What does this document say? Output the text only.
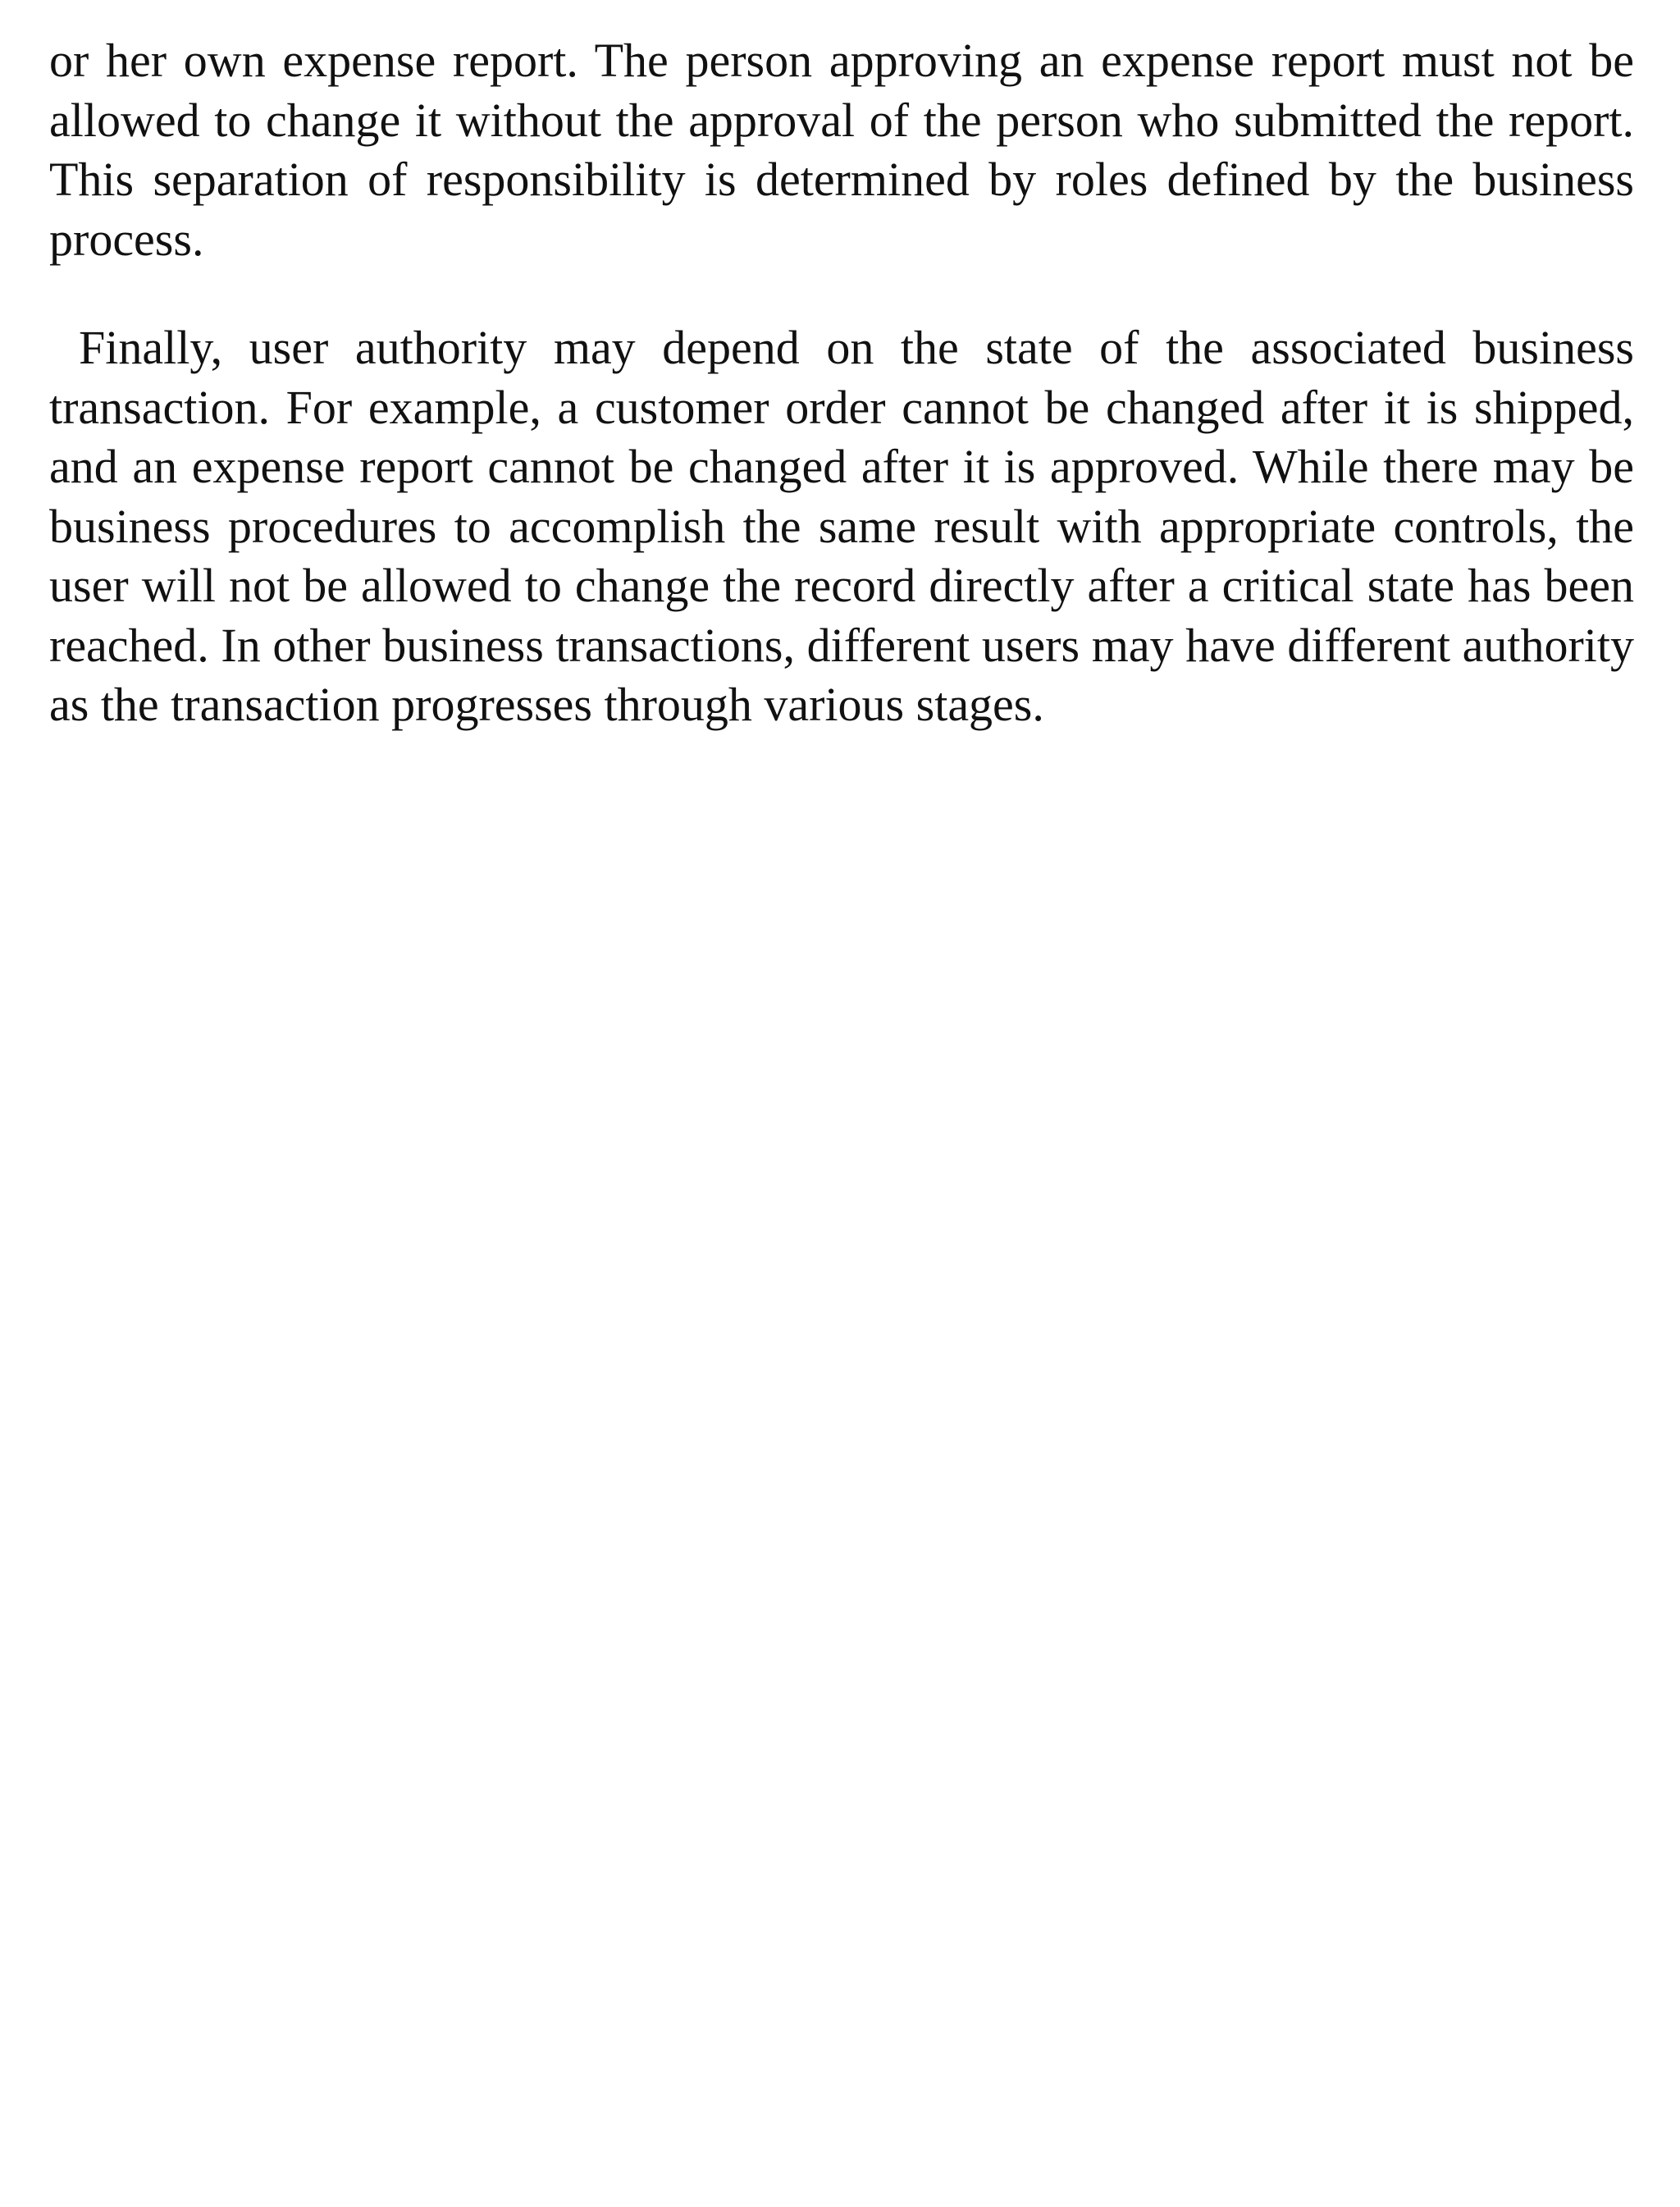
or her own expense report. The person approving an expense report must not be allowed to change it without the approval of the person who submitted the report. This separation of responsibility is determined by roles defined by the business process.

Finally, user authority may depend on the state of the associated business transaction. For example, a customer order cannot be changed after it is shipped, and an expense report cannot be changed after it is approved. While there may be business procedures to accomplish the same result with appropriate controls, the user will not be allowed to change the record directly after a critical state has been reached. In other business transactions, different users may have different authority as the transaction progresses through various stages.
